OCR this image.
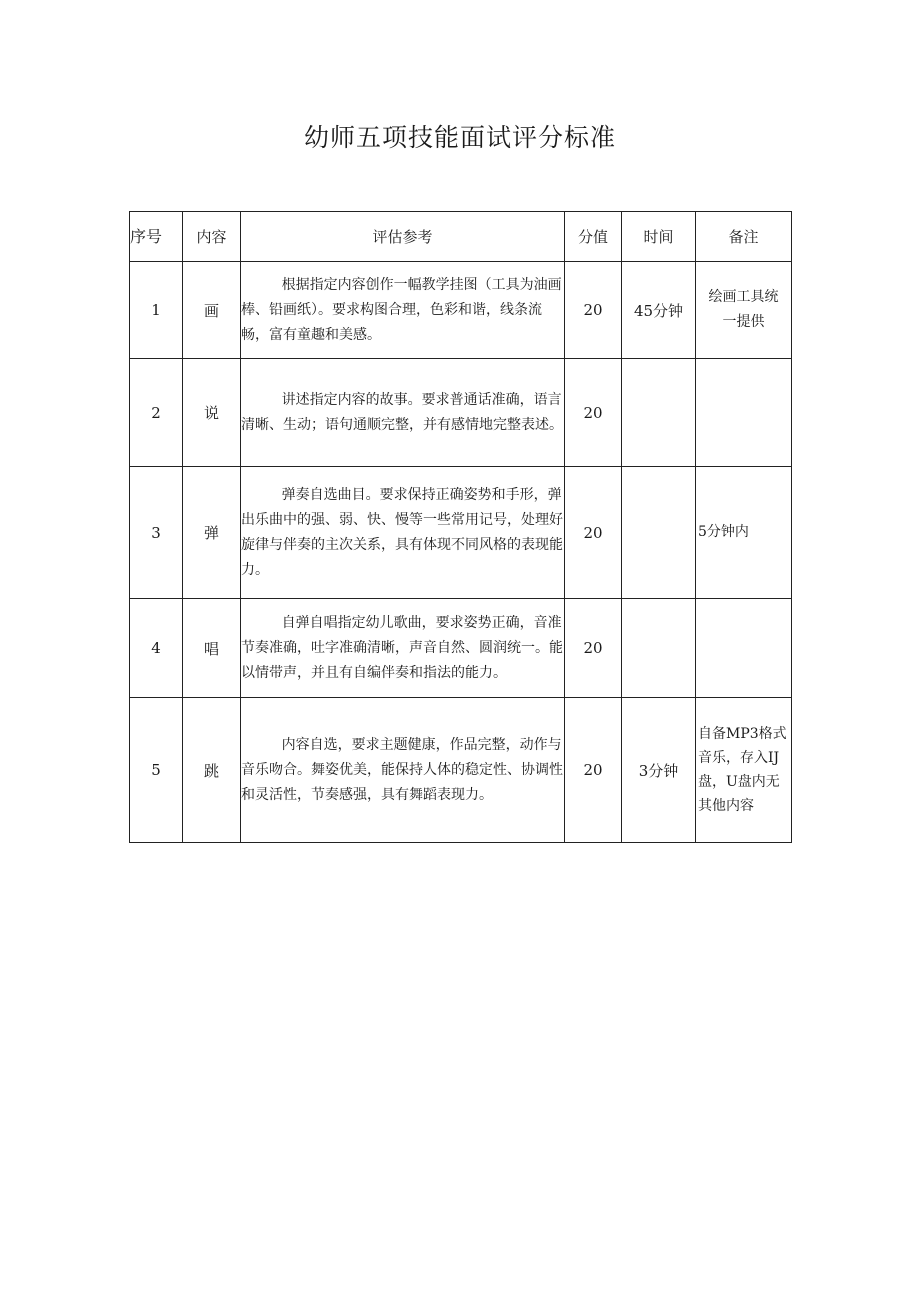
幼师五项技能面试评分标准
序号	内容	评估参考	分值	时间	备注
1	画	根据指定内容创作一幅教学挂图（工具为油画棒、铅画纸）。要求构图合理，色彩和谐，线条流畅，富有童趣和美感。	20	45分钟	绘画工具统一提供

2	说	讲述指定内容的故事。要求普通话准确，语言清晰、生动；语句通顺完整，并有感情地完整表述。	20		

3	弹	弹奏自选曲目。要求保持正确姿势和手形，弹出乐曲中的强、弱、快、慢等一些常用记号，处理好旋律与伴奏的主次关系，具有体现不同风格的表现能力。	20		5分钟内

4	唱	自弹自唱指定幼儿歌曲，要求姿势正确，音准节奏准确，吐字准确清晰，声音自然、圆润统一。能以情带声，并且有自编伴奏和指法的能力。	20		

5	跳	内容自选，要求主题健康，作品完整，动作与音乐吻合。舞姿优美，能保持人体的稳定性、协调性和灵活性，节奏感强，具有舞蹈表现力。	20	3分钟	自备MP3格式音乐，存入IJ盘，U盘内无其他内容
